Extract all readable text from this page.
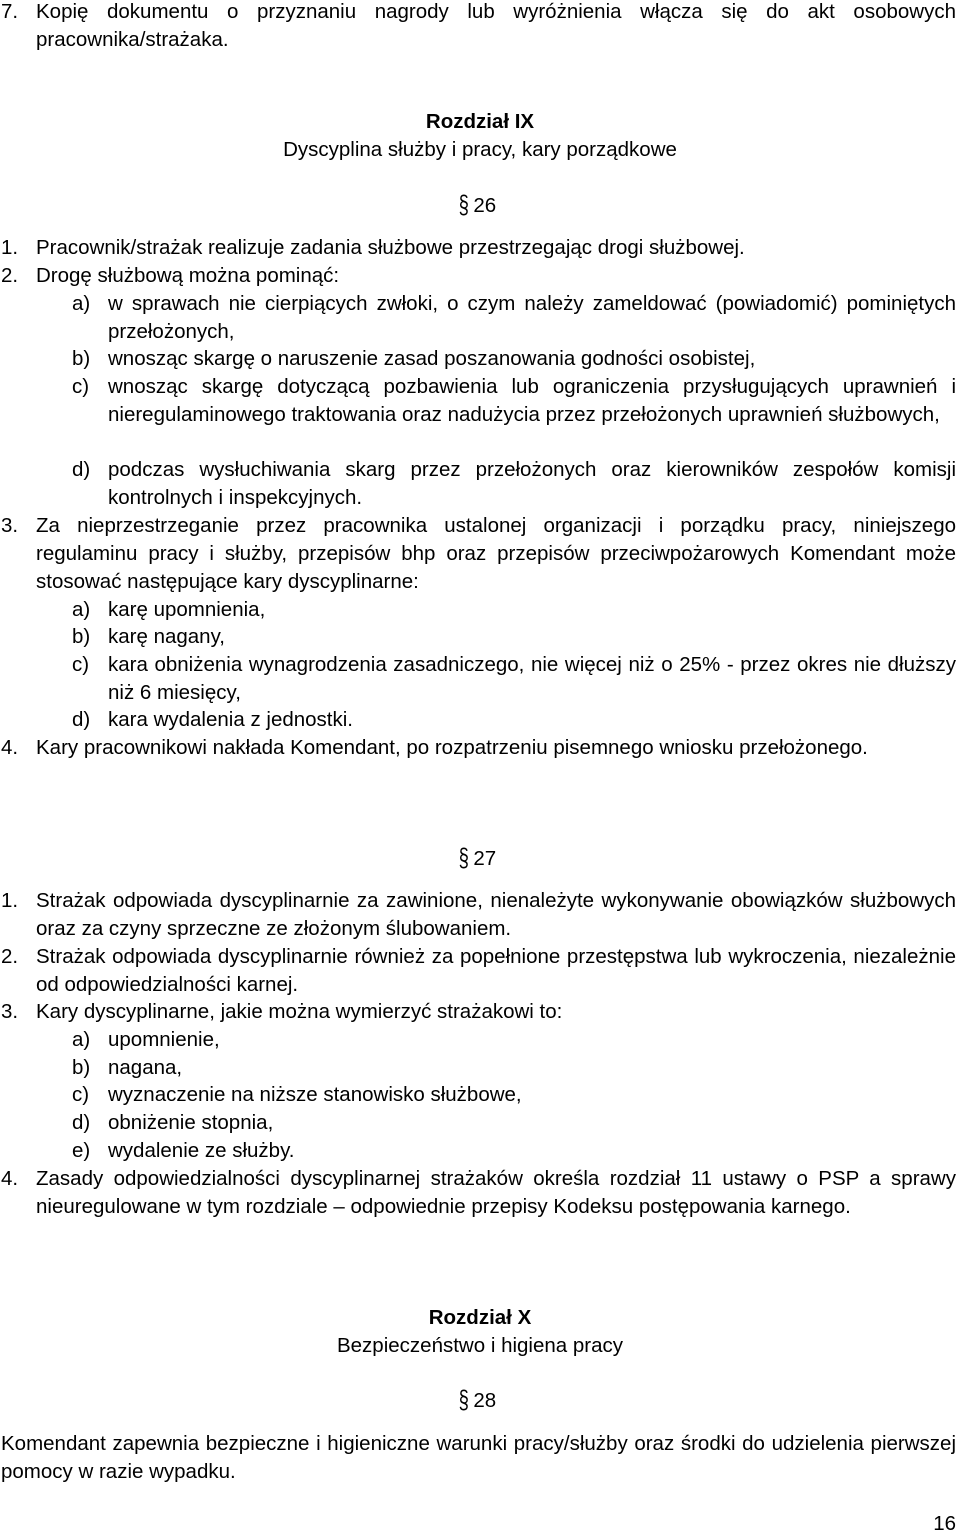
7. Kopię dokumentu o przyznaniu nagrody lub wyróżnienia włącza się do akt osobowych pracownika/strażaka.
Rozdział IX
Dyscyplina służby i pracy, kary porządkowe
§ 26
1. Pracownik/strażak realizuje zadania służbowe przestrzegając drogi służbowej.
2. Drogę służbową można pominąć:
a) w sprawach nie cierpiących zwłoki, o czym należy zameldować (powiadomić) pominiętych przełożonych,
b) wnosząc skargę o naruszenie zasad poszanowania godności osobistej,
c) wnosząc skargę dotyczącą pozbawienia lub ograniczenia przysługujących uprawnień i nieregulaminowego traktowania oraz nadużycia przez przełożonych uprawnień służbowych,
d) podczas wysłuchiwania skarg przez przełożonych oraz kierowników zespołów komisji kontrolnych i inspekcyjnych.
3. Za nieprzestrzeganie przez pracownika ustalonej organizacji i porządku pracy, niniejszego regulaminu pracy i służby, przepisów bhp oraz przepisów przeciwpożarowych Komendant może stosować następujące kary dyscyplinarne:
a) karę upomnienia,
b) karę nagany,
c) kara obniżenia wynagrodzenia zasadniczego, nie więcej niż o 25% - przez okres nie dłuższy niż 6 miesięcy,
d) kara wydalenia z jednostki.
4. Kary pracownikowi nakłada Komendant, po rozpatrzeniu pisemnego wniosku przełożonego.
§ 27
1. Strażak odpowiada dyscyplinarnie za zawinione, nienależyte wykonywanie obowiązków służbowych oraz za czyny sprzeczne ze złożonym ślubowaniem.
2. Strażak odpowiada dyscyplinarnie również za popełnione przestępstwa lub wykroczenia, niezależnie od odpowiedzialności karnej.
3. Kary dyscyplinarne, jakie można wymierzyć strażakowi to:
a) upomnienie,
b) nagana,
c) wyznaczenie na niższe stanowisko służbowe,
d) obniżenie stopnia,
e) wydalenie ze służby.
4. Zasady odpowiedzialności dyscyplinarnej strażaków określa rozdział 11 ustawy o PSP a sprawy nieuregulowane w tym rozdziale – odpowiednie przepisy Kodeksu postępowania karnego.
Rozdział X
Bezpieczeństwo i higiena pracy
§ 28
Komendant zapewnia bezpieczne i higieniczne warunki pracy/służby oraz środki do udzielenia pierwszej pomocy w razie wypadku.
16
